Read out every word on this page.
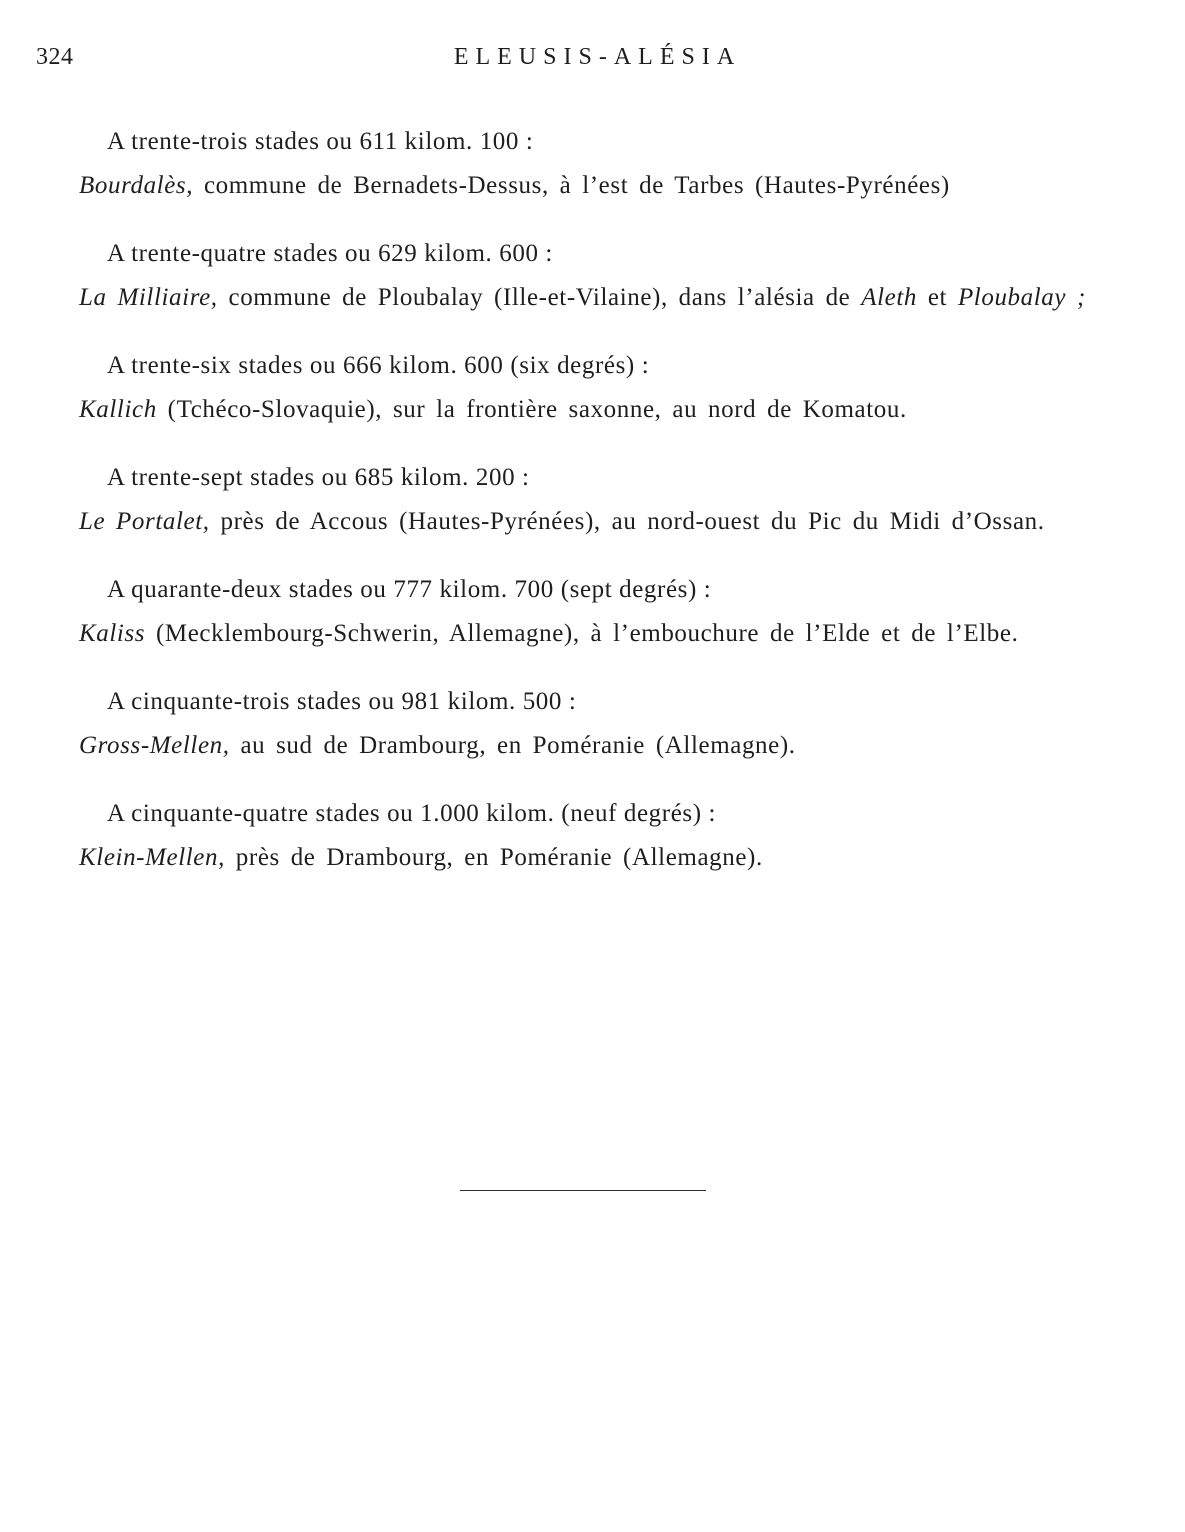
324	ELEUSIS-ALÉSIA
A trente-trois stades ou 611 kilom. 100 :
Bourdalès, commune de Bernadets-Dessus, à l’est de Tarbes (Hautes-Pyrénées)
A trente-quatre stades ou 629 kilom. 600 :
La Milliaire, commune de Ploubalay (Ille-et-Vilaine), dans l’alésia de Aleth et Ploubalay ;
A trente-six stades ou 666 kilom. 600 (six degrés) :
Kallich (Tchéco-Slovaquie), sur la frontière saxonne, au nord de Komatou.
A trente-sept stades ou 685 kilom. 200 :
Le Portalet, près de Accous (Hautes-Pyrénées), au nord-ouest du Pic du Midi d’Ossan.
A quarante-deux stades ou 777 kilom. 700 (sept degrés) :
Kaliss (Mecklembourg-Schwerin, Allemagne), à l’embouchure de l’Elde et de l’Elbe.
A cinquante-trois stades ou 981 kilom. 500 :
Gross-Mellen, au sud de Drambourg, en Poméranie (Allemagne).
A cinquante-quatre stades ou 1.000 kilom. (neuf degrés) :
Klein-Mellen, près de Drambourg, en Poméranie (Allemagne).
